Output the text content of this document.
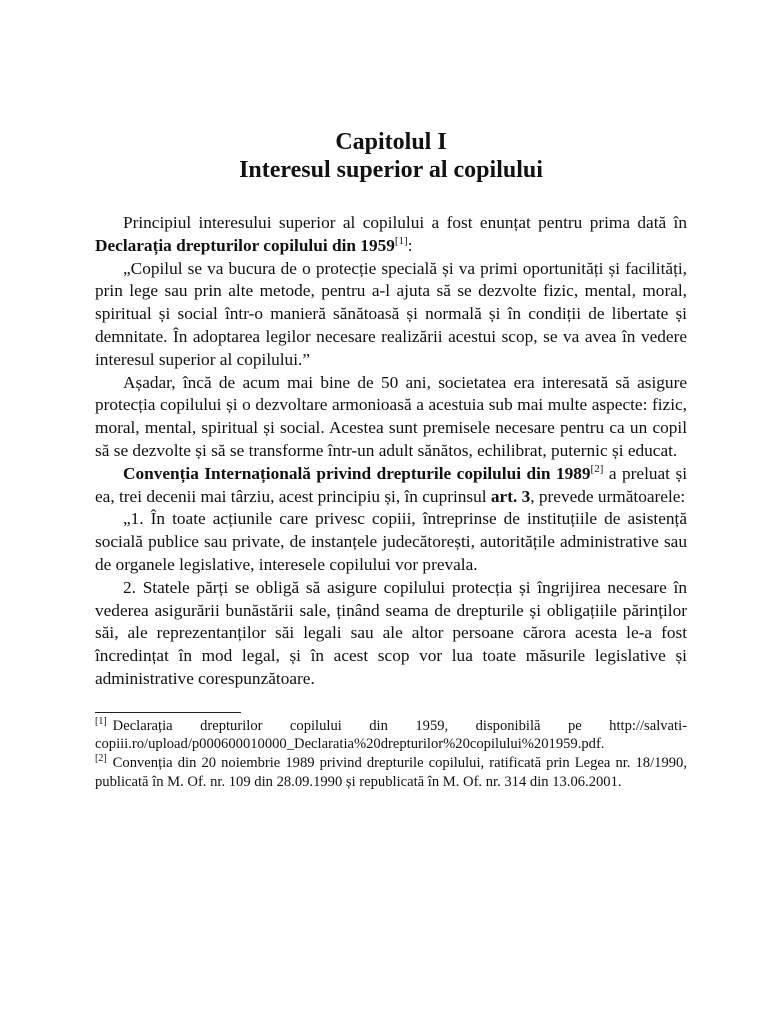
Capitolul I
Interesul superior al copilului

Principiul interesului superior al copilului a fost enunțat pentru prima dată în Declarația drepturilor copilului din 1959[1]:

„Copilul se va bucura de o protecție specială și va primi oportunități și facilități, prin lege sau prin alte metode, pentru a-l ajuta să se dezvolte fizic, mental, moral, spiritual și social într-o manieră sănătoasă și normală și în condiții de libertate și demnitate. În adoptarea legilor necesare realizării acestui scop, se va avea în vedere interesul superior al copilului.”

Așadar, încă de acum mai bine de 50 ani, societatea era interesată să asigure protecția copilului și o dezvoltare armonioasă a acestuia sub mai multe aspecte: fizic, moral, mental, spiritual și social. Acestea sunt premisele necesare pentru ca un copil să se dezvolte și să se transforme într-un adult sănătos, echilibrat, puternic și educat.

Convenția Internațională privind drepturile copilului din 1989[2] a preluat și ea, trei decenii mai târziu, acest principiu și, în cuprinsul art. 3, prevede următoarele:

„1. În toate acțiunile care privesc copiii, întreprinse de instituțiile de asistență socială publice sau private, de instanțele judecătorești, autoritățile administrative sau de organele legislative, interesele copilului vor prevala.

2. Statele părți se obligă să asigure copilului protecția și îngrijirea necesare în vederea asigurării bunăstării sale, ținând seama de drepturile și obligațiile părinților săi, ale reprezentanților săi legali sau ale altor persoane cărora acesta le-a fost încredințat în mod legal, și în acest scop vor lua toate măsurile legislative și administrative corespunzătoare.

[1] Declarația drepturilor copilului din 1959, disponibilă pe http://salvati-copiii.ro/upload/p000600010000_Declaratia%20drepturilor%20copilului%201959.pdf.

[2] Convenția din 20 noiembrie 1989 privind drepturile copilului, ratificată prin Legea nr. 18/1990, publicată în M. Of. nr. 109 din 28.09.1990 și republicată în M. Of. nr. 314 din 13.06.2001.
